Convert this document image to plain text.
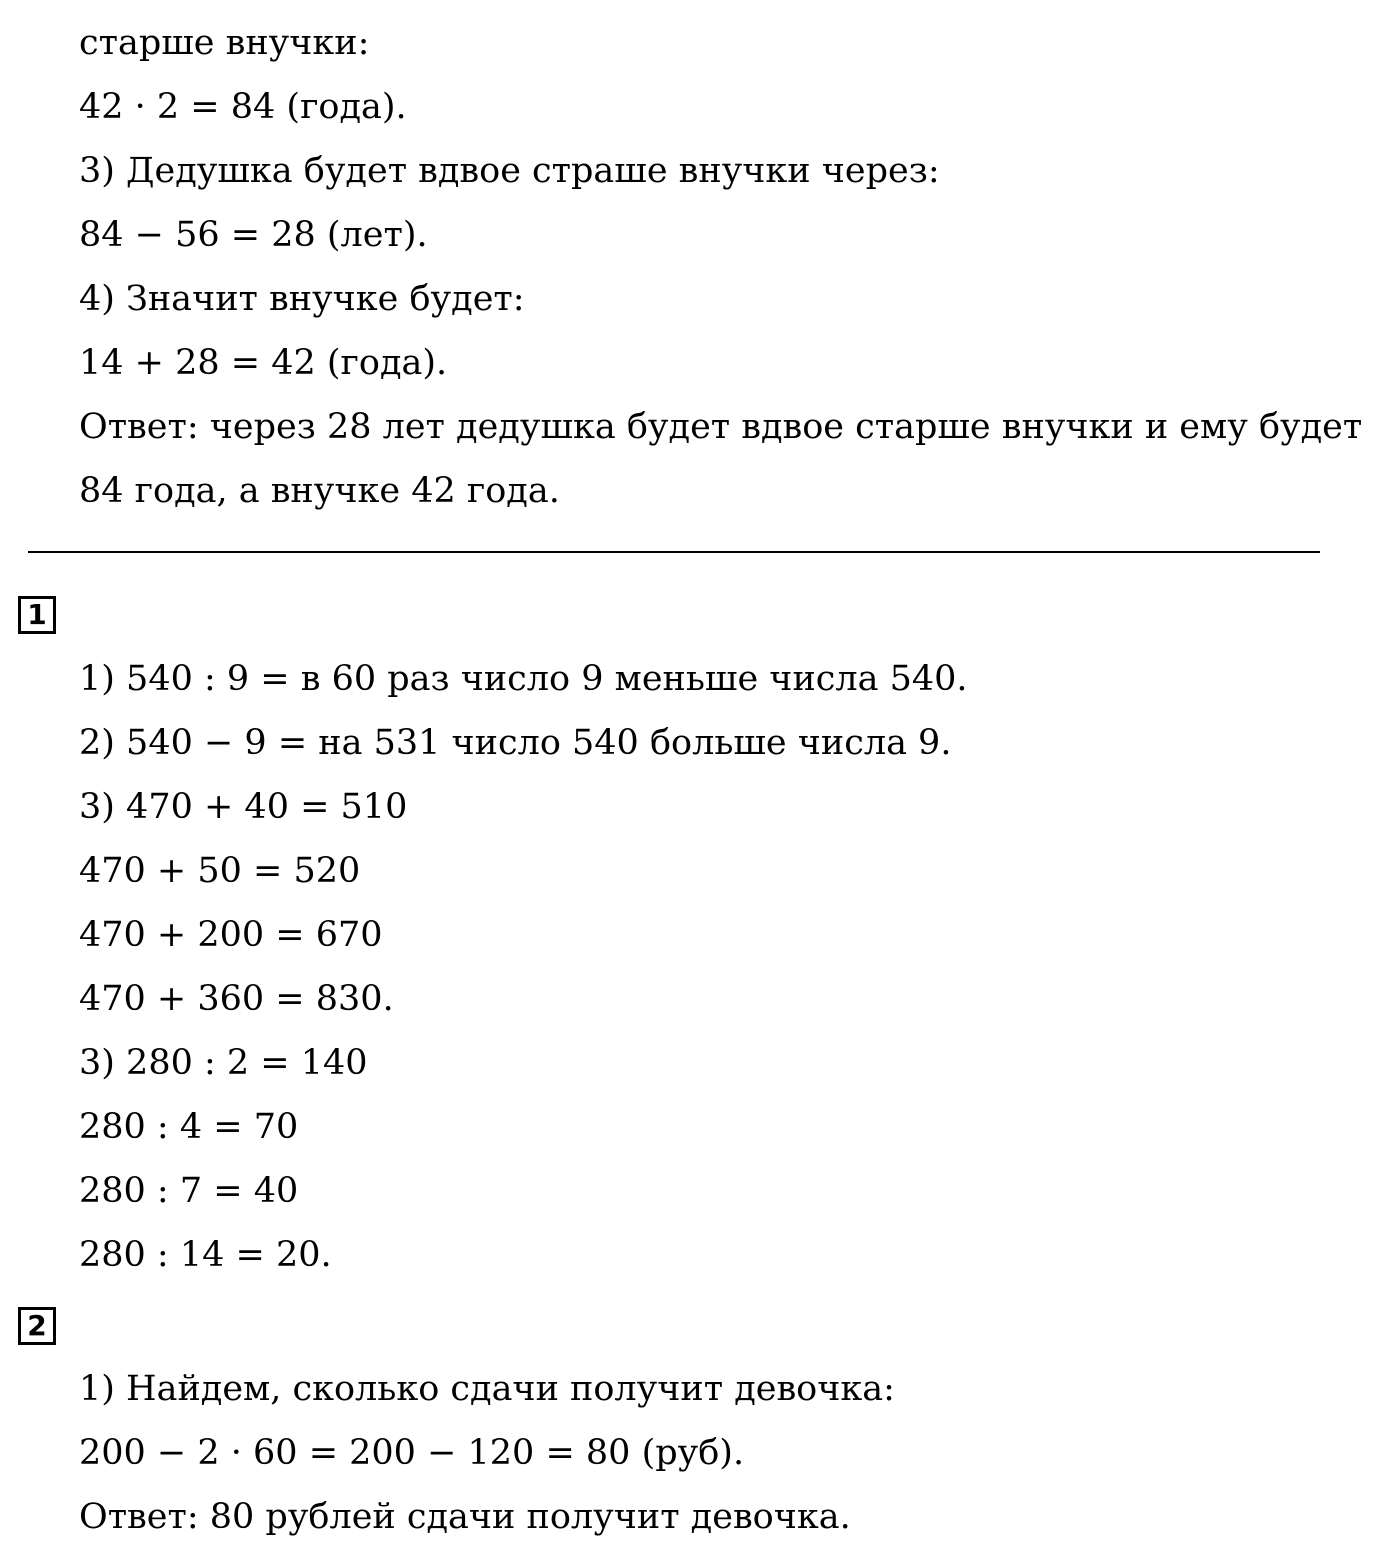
старше внучки:

42 · 2 = 84 (года).

3) Дедушка будет вдвое страше внучки через:

84 − 56 = 28 (лет).

4) Значит внучке будет:

14 + 28 = 42 (года).

Ответ: через 28 лет дедушка будет вдвое старше внучки и ему будет

84 года, а внучке 42 года.

1

1) 540 : 9 = в 60 раз число 9 меньше числа 540.

2) 540 − 9 = на 531 число 540 больше числа 9.

3) 470 + 40 = 510

470 + 50 = 520

470 + 200 = 670

470 + 360 = 830.

3) 280 : 2 = 140

280 : 4 = 70

280 : 7 = 40

280 : 14 = 20.

2

1) Найдем, сколько сдачи получит девочка:

200 − 2 · 60 = 200 − 120 = 80 (руб).

Ответ: 80 рублей сдачи получит девочка.
